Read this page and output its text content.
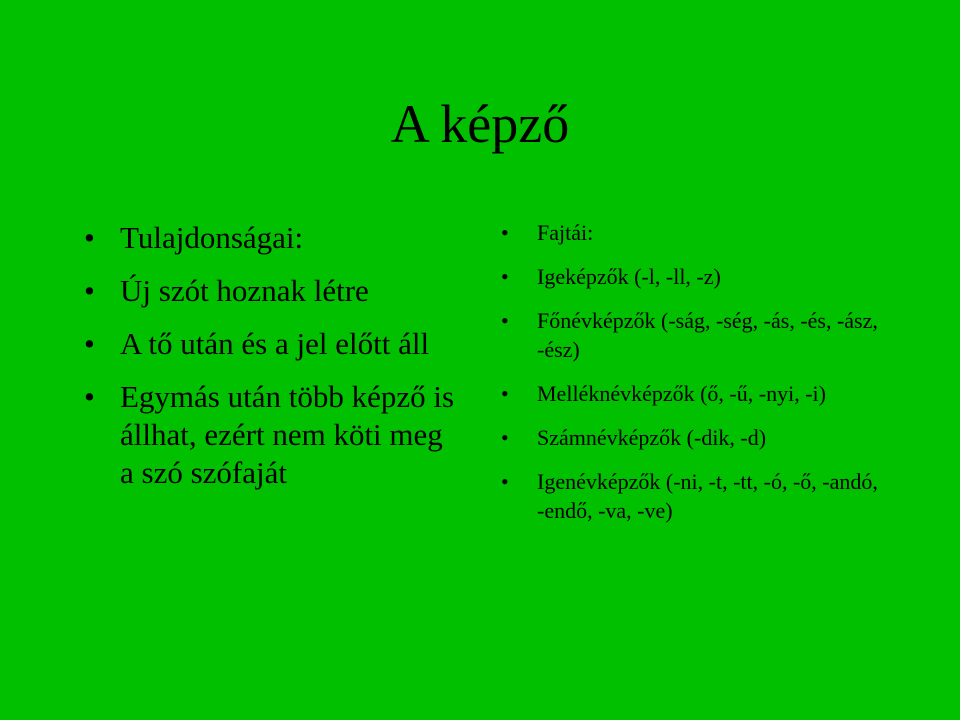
A képző
• Tulajdonságai:
• Új szót hoznak létre
• A tő után és a jel előtt áll
• Egymás után több képző is állhat, ezért nem köti meg a szó szófaját
• Fajtái:
• Igeképzők (-l, -ll, -z)
• Főnévképzők (-ság, -ség, -ás, -és, -ász, -ész)
• Melléknévképzők (ő, -ű, -nyi, -i)
• Számnévképzők (-dik, -d)
• Igenévképzők (-ni, -t, -tt, -ó, -ő, -andó, -endő, -va, -ve)
